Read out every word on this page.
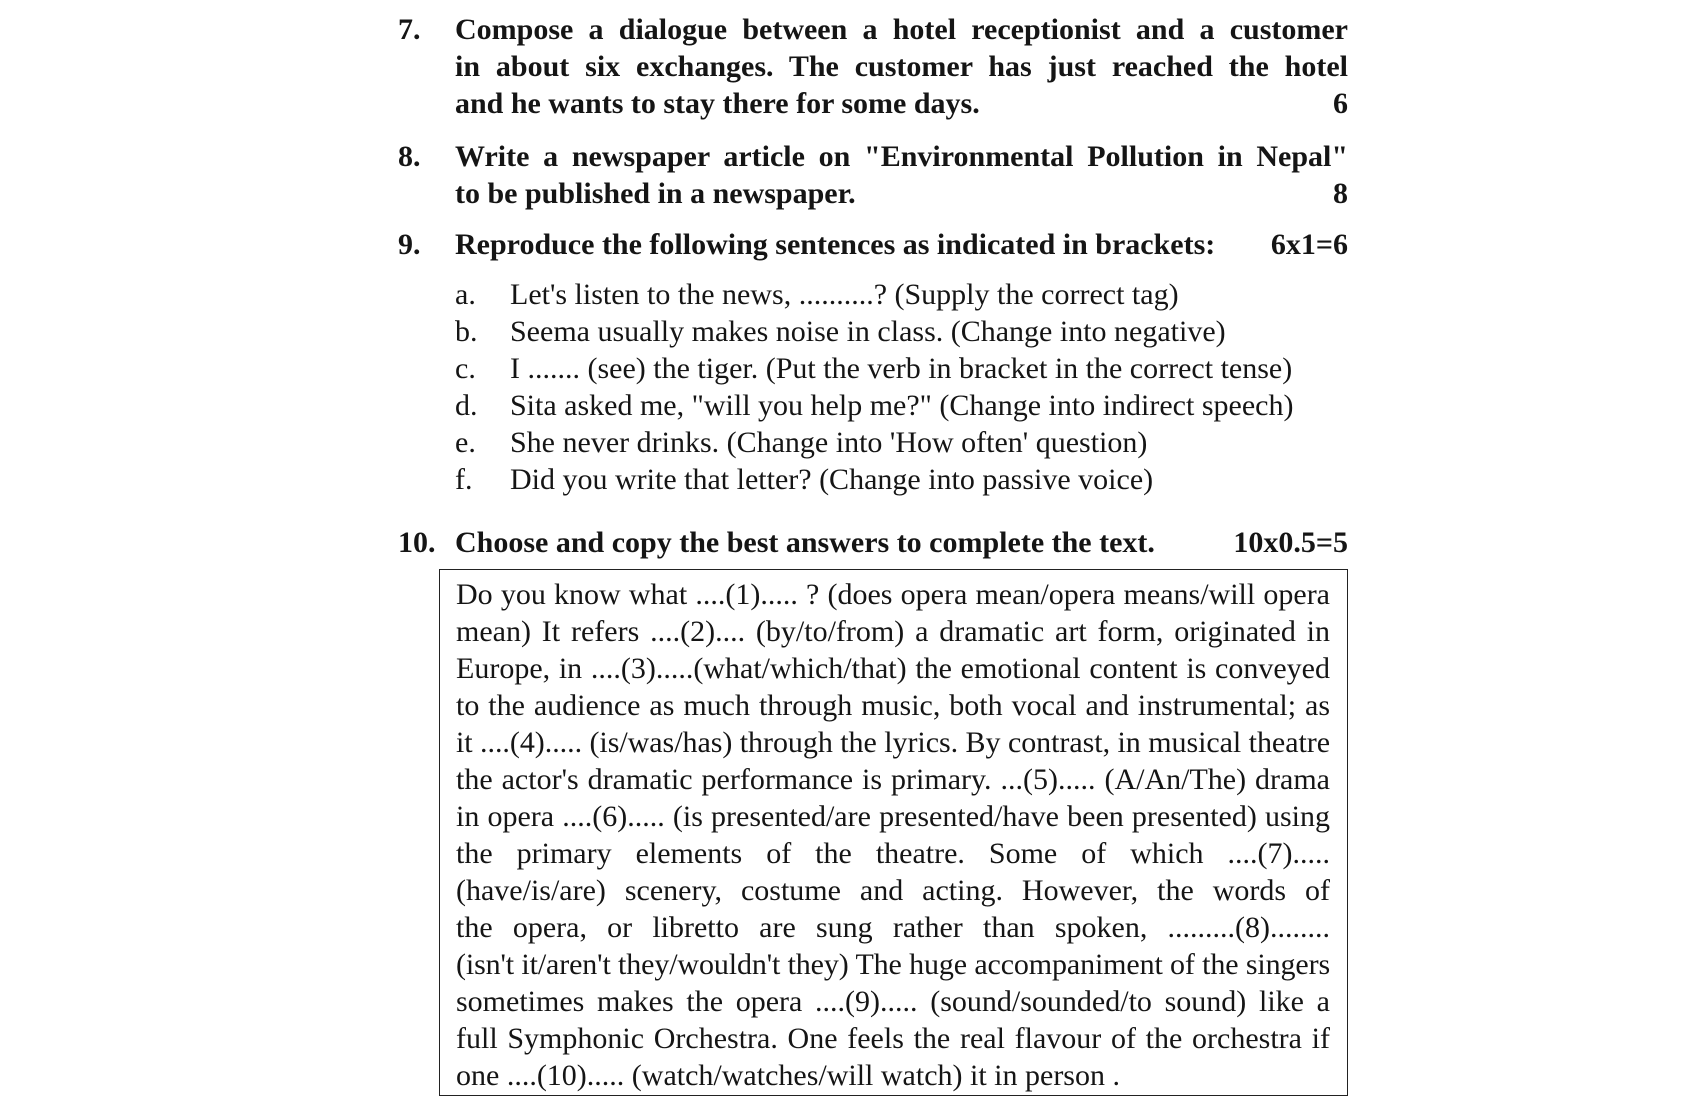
7. Compose a dialogue between a hotel receptionist and a customer
in about six exchanges. The customer has just reached the hotel
and he wants to stay there for some days.	6
8. Write a newspaper article on "Environmental Pollution in Nepal"
to be published in a newspaper.	8
9. Reproduce the following sentences as indicated in brackets:	6x1=6
a. Let's listen to the news, ..........? (Supply the correct tag)
b. Seema usually makes noise in class. (Change into negative)
c. I ....... (see) the tiger. (Put the verb in bracket in the correct tense)
d. Sita asked me, "will you help me?" (Change into indirect speech)
e. She never drinks. (Change into 'How often' question)
f. Did you write that letter? (Change into passive voice)
10. Choose and copy the best answers to complete the text.	10x0.5=5
Do you know what ....(1)..... ? (does opera mean/opera means/will opera
mean) It refers ....(2).... (by/to/from) a dramatic art form, originated in
Europe, in ....(3).....(what/which/that) the emotional content is conveyed
to the audience as much through music, both vocal and instrumental; as
it ....(4)..... (is/was/has) through the lyrics. By contrast, in musical theatre
the actor's dramatic performance is primary. ...(5)..... (A/An/The) drama
in opera ....(6)..... (is presented/are presented/have been presented) using
the primary elements of the theatre. Some of which ....(7).....
(have/is/are) scenery, costume and acting. However, the words of
the opera, or libretto are sung rather than spoken, .........(8)........
(isn't it/aren't they/wouldn't they) The huge accompaniment of the singers
sometimes makes the opera ....(9)..... (sound/sounded/to sound) like a
full Symphonic Orchestra. One feels the real flavour of the orchestra if
one ....(10)..... (watch/watches/will watch) it in person .
